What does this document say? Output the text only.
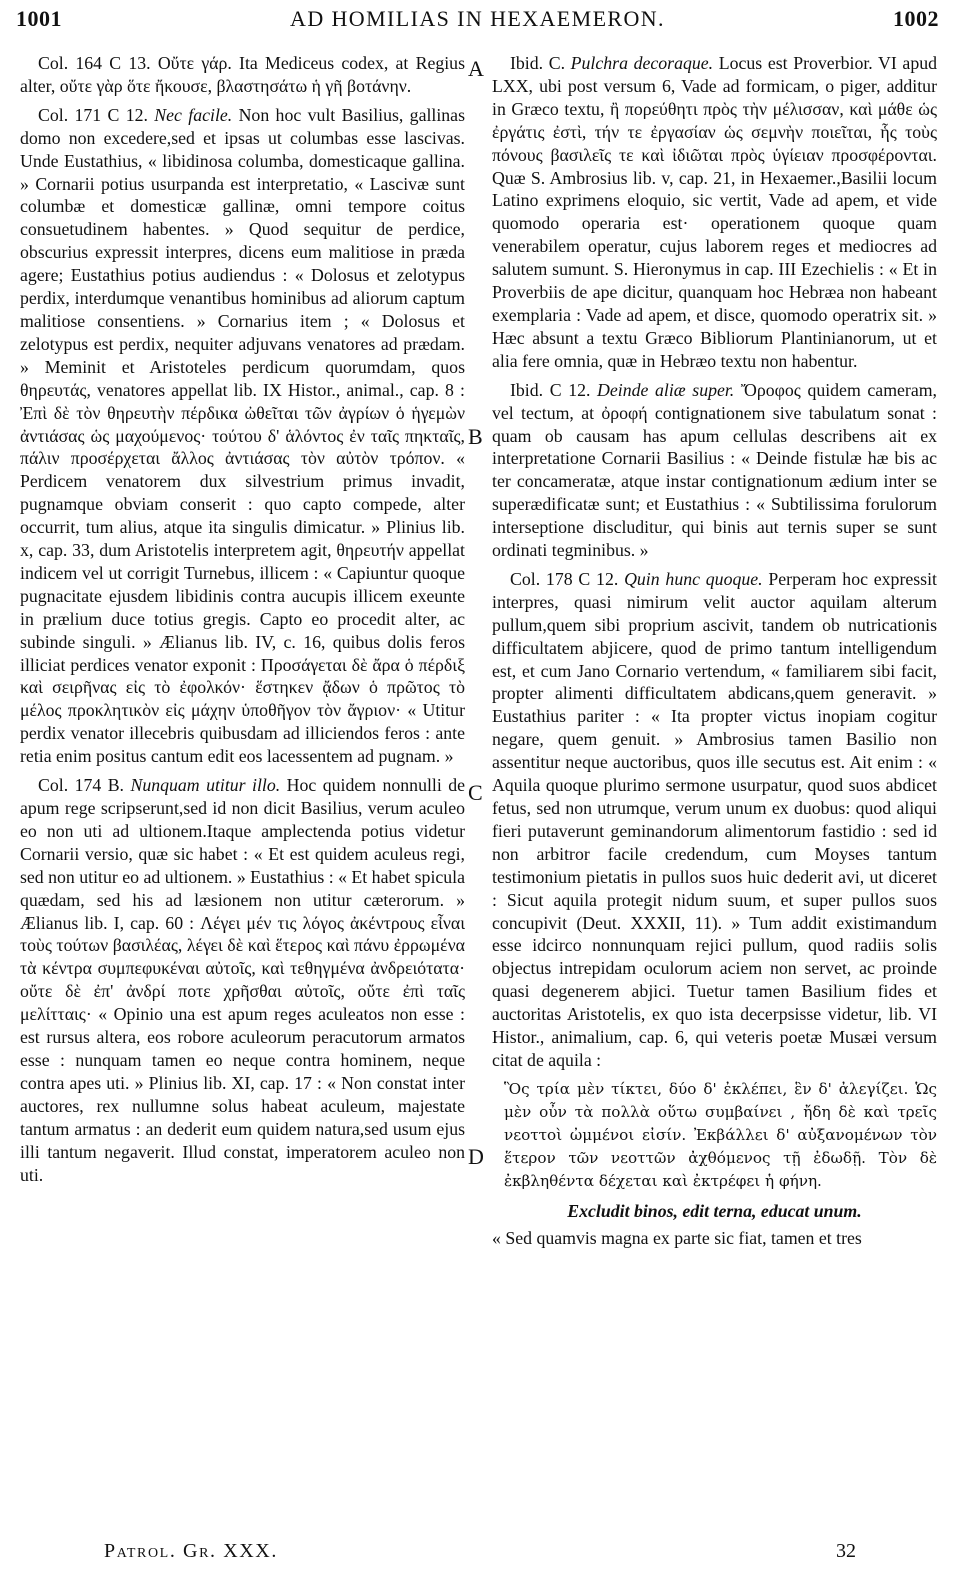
1001	AD HOMILIAS IN HEXAEMERON.	1002

Col. 164 C 13. Οὔτε γάρ. Ita Mediceus codex, at Regius alter, οὔτε γὰρ ὅτε ἤκουσε, βλαστησάτω ἡ γῆ βοτάνην.

Col. 171 C 12. Nec facile. Non hoc vult Basilius, gallinas domo non excedere,sed et ipsas ut columbas esse lascivas. Unde Eustathius, « libidinosa columba, domesticaque gallina. » Cornarii potius usurpanda est interpretatio, « Lascivæ sunt columbæ et domesticæ gallinæ, omni tempore coitus consuetudinem habentes. » Quod sequitur de perdice, obscurius expressit interpres, dicens eum malitiose in præda agere; Eustathius potius audiendus : « Dolosus et zelotypus perdix, interdumque venantibus hominibus ad aliorum captum malitiose consentiens. » Cornarius item ; « Dolosus et zelotypus est perdix, nequiter adjuvans venatores ad prædam. » Meminit et Aristoteles perdicum quorumdam, quos θηρευτάς, venatores appellat lib. IX Histor., animal., cap. 8 : Ἐπὶ δὲ τὸν θηρευτὴν πέρδικα ὠθεῖται τῶν ἀγρίων ὁ ἡγεμὼν ἀντιάσας ὡς μαχούμενος· τούτου δ' ἁλόντος ἐν ταῖς πηκταῖς, πάλιν προσέρχεται ἄλλος ἀντιάσας τὸν αὐτὸν τρόπον. « Perdicem venatorem dux silvestrium primus invadit, pugnamque obviam conserit : quo capto compede, alter occurrit, tum alius, atque ita singulis dimicatur. » Plinius lib. x, cap. 33, dum Aristotelis interpretem agit, θηρευτήν appellat indicem vel ut corrigit Turnebus, illicem : « Capiuntur quoque pugnacitate ejusdem libidinis contra aucupis illicem exeunte in prælium duce totius gregis. Capto eo procedit alter, ac subinde singuli. » Ælianus lib. IV, c. 16, quibus dolis feros illiciat perdices venator exponit : Προσάγεται δὲ ἄρα ὁ πέρδιξ καὶ σειρῆνας εἰς τὸ ἐφολκόν· ἕστηκεν ᾄδων ὁ πρῶτος τὸ μέλος προκλητικὸν εἰς μάχην ὑποθῆγον τὸν ἄγριον· « Utitur perdix venator illecebris quibusdam ad illiciendos feros : ante retia enim positus cantum edit eos lacessentem ad pugnam. »

Col. 174 B. Nunquam utitur illo. Hoc quidem nonnulli de apum rege scripserunt,sed id non dicit Basilius, verum aculeo eo non uti ad ultionem.Itaque amplectenda potius videtur Cornarii versio, quæ sic habet : « Et est quidem aculeus regi, sed non utitur eo ad ultionem. » Eustathius : « Et habet spicula quædam, sed his ad læsionem non utitur cæterorum. » Ælianus lib. I, cap. 60 : Λέγει μέν τις λόγος ἀκέντρους εἶναι τοὺς τούτων βασιλέας, λέγει δὲ καὶ ἕτερος καὶ πάνυ ἐρρωμένα τὰ κέντρα συμπεφυκέναι αὐτοῖς, καὶ τεθηγμένα ἀνδρειότατα· οὔτε δὲ ἐπ' ἀνδρί ποτε χρῆσθαι αὐτοῖς, οὔτε ἐπὶ ταῖς μελίτταις· « Opinio una est apum reges aculeatos non esse : est rursus altera, eos robore aculeorum peracutorum armatos esse : nunquam tamen eo neque contra hominem, neque contra apes uti. » Plinius lib. XI, cap. 17 : « Non constat inter auctores, rex nullumne solus habeat aculeum, majestate tantum armatus : an dederit eum quidem natura,sed usum ejus illi tantum negaverit. Illud constat, imperatorem aculeo non uti.

A
B
C
D

Ibid. C. Pulchra decoraque. Locus est Proverbior. VI apud LXX, ubi post versum 6, Vade ad formicam, o piger, additur in Græco textu, ἢ πορεύθητι πρὸς τὴν μέλισσαν, καὶ μάθε ὡς ἐργάτις ἐστὶ, τήν τε ἐργασίαν ὡς σεμνὴν ποιεῖται, ἧς τοὺς πόνους βασιλεῖς τε καὶ ἰδιῶται πρὸς ὑγίειαν προσφέρονται. Quæ S. Ambrosius lib. v, cap. 21, in Hexaemer.,Basilii locum Latino exprimens eloquio, sic vertit, Vade ad apem, et vide quomodo operaria est· operationem quoque quam venerabilem operatur, cujus laborem reges et mediocres ad salutem sumunt. S. Hieronymus in cap. III Ezechielis : « Et in Proverbiis de ape dicitur, quanquam hoc Hebræa non habeant exemplaria : Vade ad apem, et disce, quomodo operatrix sit. » Hæc absunt a textu Græco Bibliorum Plantinianorum, ut et alia fere omnia, quæ in Hebræo textu non habentur.

Ibid. C 12. Deinde aliæ super. Ὄροφος quidem cameram, vel tectum, at ὀροφή contignationem sive tabulatum sonat : quam ob causam has apum cellulas describens ait ex interpretatione Cornarii Basilius : « Deinde fistulæ hæ bis ac ter concameratæ, atque instar contignationum ædium inter se superædificatæ sunt; et Eustathius : « Subtilissima forulorum interseptione discluditur, qui binis aut ternis super se sunt ordinati tegminibus. »

Col. 178 C 12. Quin hunc quoque. Perperam hoc expressit interpres, quasi nimirum velit auctor aquilam alterum pullum,quem sibi proprium ascivit, tandem ob nutricationis difficultatem abjicere, quod de primo tantum intelligendum est, et cum Jano Cornario vertendum, « familiarem sibi facit, propter alimenti difficultatem abdicans,quem generavit. » Eustathius pariter : « Ita propter victus inopiam cogitur negare, quem genuit. » Ambrosius tamen Basilio non assentitur neque auctoribus, quos ille secutus est. Ait enim : « Aquila quoque plurimo sermone usurpatur, quod suos abdicet fetus, sed non utrumque, verum unum ex duobus: quod aliqui fieri putaverunt geminandorum alimentorum fastidio : sed id non arbitror facile credendum, cum Moyses tantum testimonium pietatis in pullos suos huic dederit avi, ut diceret : Sicut aquila protegit nidum suum, et super pullos suos concupivit (Deut. XXXII, 11). » Tum addit existimandum esse idcirco nonnunquam rejici pullum, quod radiis solis objectus intrepidam oculorum aciem non servet, ac proinde quasi degenerem abjici. Tuetur tamen Basilium fides et auctoritas Aristotelis, ex quo ista decerpsisse videtur, lib. VI Histor., animalium, cap. 6, qui veteris poetæ Musæi versum citat de aquila :

Ὃς τρία μὲν τίκτει, δύο δ' ἐκλέπει, ἓν δ' ἀλεγίζει. Ὡς μὲν οὖν τὰ πολλὰ οὕτω συμβαίνει , ἤδη δὲ καὶ τρεῖς νεοττοὶ ὠμμένοι εἰσίν. Ἐκβάλλει δ' αὐξανομένων τὸν ἕτερον τῶν νεοττῶν ἀχθόμενος τῇ ἐδωδῇ. Τὸν δὲ ἐκβληθέντα δέχεται καὶ ἐκτρέφει ἡ φήνη.

Excludit binos, edit terna, educat unum.

« Sed quamvis magna ex parte sic fiat, tamen et tres

Patrol. Gr. XXX.	32
